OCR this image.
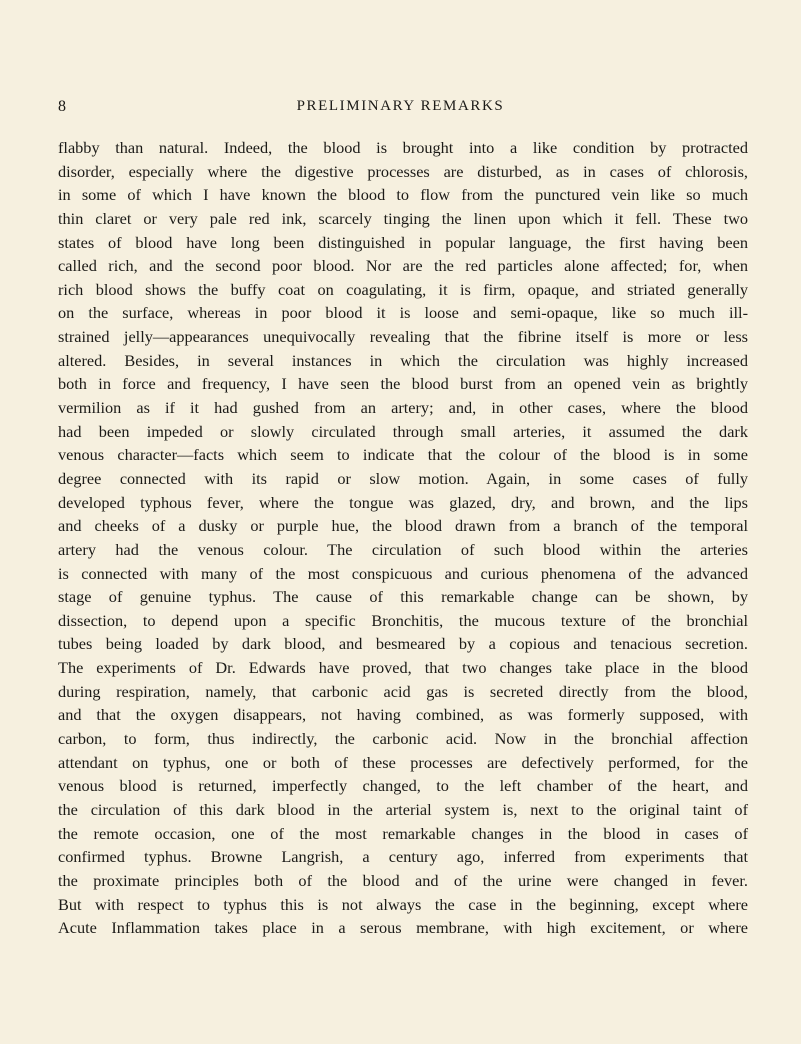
8	PRELIMINARY REMARKS
flabby than natural. Indeed, the blood is brought into a like condition by protracted
disorder, especially where the digestive processes are disturbed, as in cases of chlorosis,
in some of which I have known the blood to flow from the punctured vein like so much
thin claret or very pale red ink, scarcely tinging the linen upon which it fell. These two
states of blood have long been distinguished in popular language, the first having been
called rich, and the second poor blood. Nor are the red particles alone affected; for, when
rich blood shows the buffy coat on coagulating, it is firm, opaque, and striated generally
on the surface, whereas in poor blood it is loose and semi-opaque, like so much ill-
strained jelly—appearances unequivocally revealing that the fibrine itself is more or less
altered. Besides, in several instances in which the circulation was highly increased
both in force and frequency, I have seen the blood burst from an opened vein as brightly
vermilion as if it had gushed from an artery; and, in other cases, where the blood
had been impeded or slowly circulated through small arteries, it assumed the dark
venous character—facts which seem to indicate that the colour of the blood is in some
degree connected with its rapid or slow motion. Again, in some cases of fully
developed typhous fever, where the tongue was glazed, dry, and brown, and the lips
and cheeks of a dusky or purple hue, the blood drawn from a branch of the temporal
artery had the venous colour. The circulation of such blood within the arteries
is connected with many of the most conspicuous and curious phenomena of the advanced
stage of genuine typhus. The cause of this remarkable change can be shown, by
dissection, to depend upon a specific Bronchitis, the mucous texture of the bronchial
tubes being loaded by dark blood, and besmeared by a copious and tenacious secretion.
The experiments of Dr. Edwards have proved, that two changes take place in the blood
during respiration, namely, that carbonic acid gas is secreted directly from the blood,
and that the oxygen disappears, not having combined, as was formerly supposed, with
carbon, to form, thus indirectly, the carbonic acid. Now in the bronchial affection
attendant on typhus, one or both of these processes are defectively performed, for the
venous blood is returned, imperfectly changed, to the left chamber of the heart, and
the circulation of this dark blood in the arterial system is, next to the original taint of
the remote occasion, one of the most remarkable changes in the blood in cases of
confirmed typhus. Browne Langrish, a century ago, inferred from experiments that
the proximate principles both of the blood and of the urine were changed in fever.
But with respect to typhus this is not always the case in the beginning, except where
Acute Inflammation takes place in a serous membrane, with high excitement, or where
